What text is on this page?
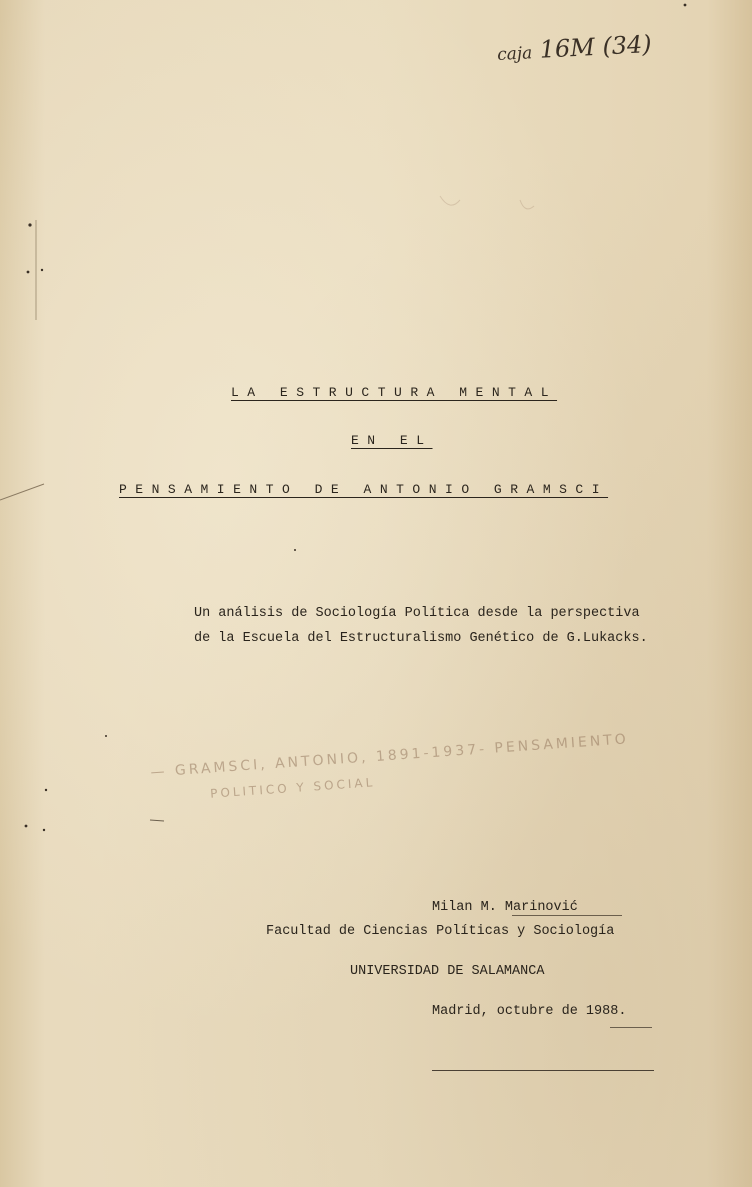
caja 16M (34)
LA ESTRUCTURA MENTAL
EN EL
PENSAMIENTO DE ANTONIO GRAMSCI
Un análisis de Sociología Política desde la perspectiva
de la Escuela del Estructuralismo Genético de G.Lukacks.
— GRAMSCI, ANTONIO, 1891-1937- PENSAMIENTO
POLITICO Y SOCIAL
Milan M. Marinović
Facultad de Ciencias Políticas y Sociología
UNIVERSIDAD DE SALAMANCA
Madrid, octubre de 1988.
